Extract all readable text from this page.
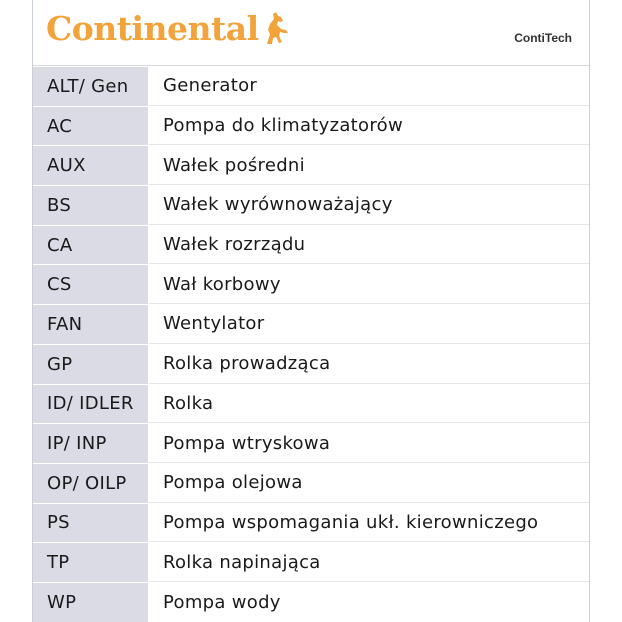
Continental	ContiTech
ALT/ Gen	Generator
AC	Pompa do klimatyzatorów
AUX	Wałek pośredni
BS	Wałek wyrównoważający
CA	Wałek rozrządu
CS	Wał korbowy
FAN	Wentylator
GP	Rolka prowadząca
ID/ IDLER	Rolka
IP/ INP	Pompa wtryskowa
OP/ OILP	Pompa olejowa
PS	Pompa wspomagania ukł. kierowniczego
TP	Rolka napinająca
WP	Pompa wody
